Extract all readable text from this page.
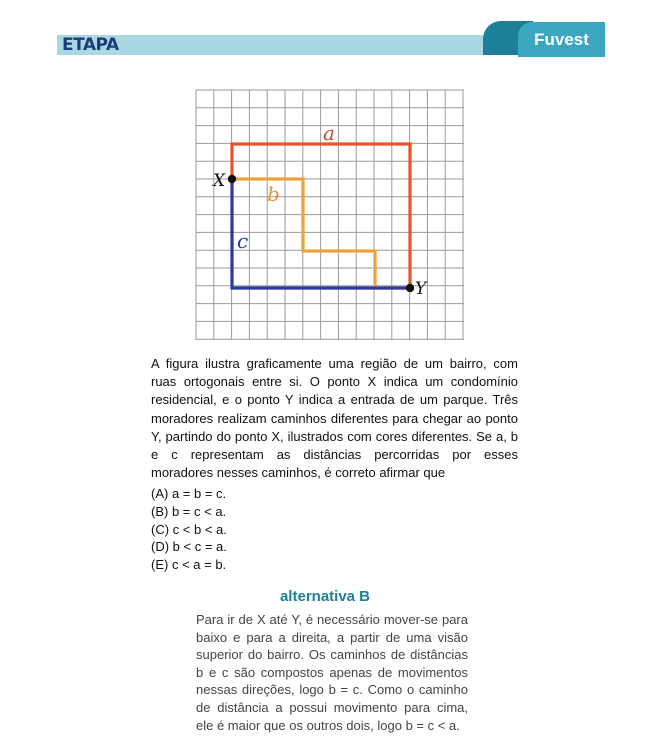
ETAPA	Fuvest
a
b
c
X
Y
A figura ilustra graficamente uma região de um bairro, com ruas ortogonais entre si. O ponto X indica um condomínio residencial, e o ponto Y indica a entrada de um parque. Três moradores realizam caminhos diferentes para chegar ao ponto Y, partindo do ponto X, ilustrados com cores diferentes. Se a, b e c representam as distâncias percorridas por esses moradores nesses caminhos, é correto afirmar que
(A) a = b = c.
(B) b = c < a.
(C) c < b < a.
(D) b < c = a.
(E) c < a = b.
alternativa B
Para ir de X até Y, é necessário mover-se para baixo e para a direita, a partir de uma visão superior do bairro. Os caminhos de distâncias b e c são compostos apenas de movimentos nessas direções, logo b = c. Como o caminho de distância a possui movimento para cima, ele é maior que os outros dois, logo b = c < a.
